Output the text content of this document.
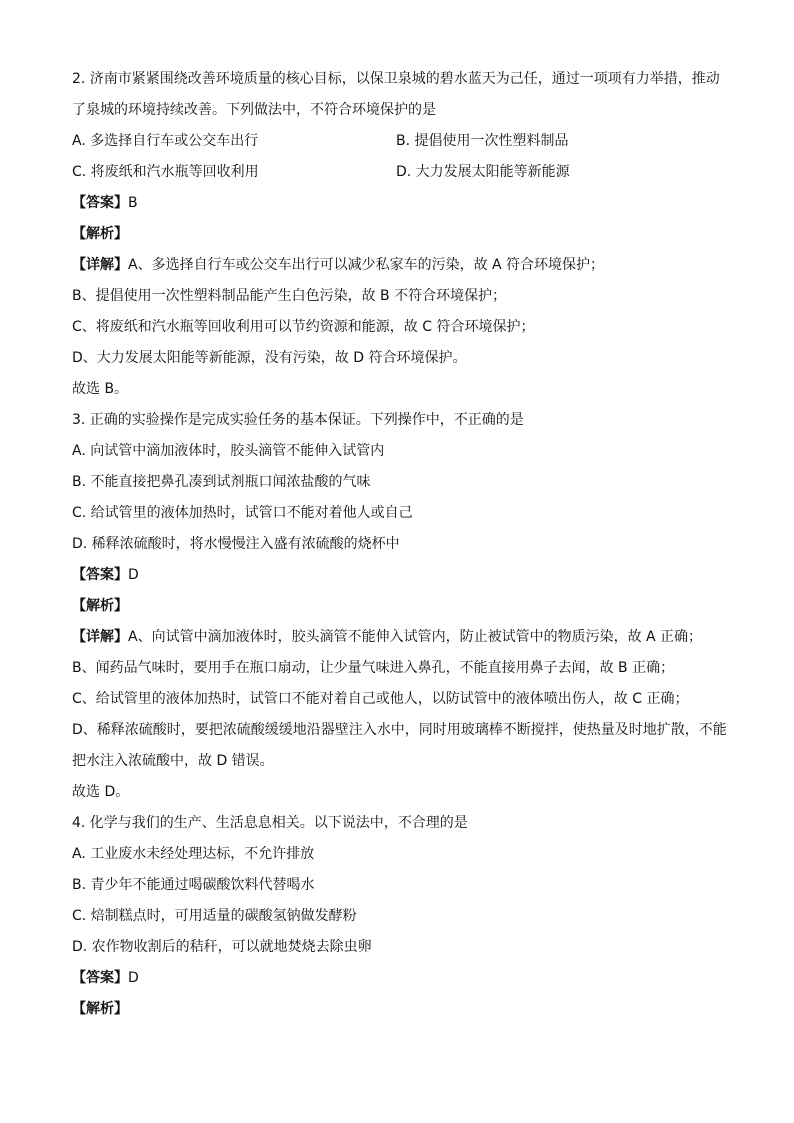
2. 济南市紧紧围绕改善环境质量的核心目标，以保卫泉城的碧水蓝天为己任，通过一项项有力举措，推动
了泉城的环境持续改善。下列做法中，不符合环境保护的是
A. 多选择自行车或公交车出行	B. 提倡使用一次性塑料制品
C. 将废纸和汽水瓶等回收利用	D. 大力发展太阳能等新能源
【答案】B
【解析】
【详解】A、多选择自行车或公交车出行可以减少私家车的污染，故 A 符合环境保护；
B、提倡使用一次性塑料制品能产生白色污染，故 B 不符合环境保护；
C、将废纸和汽水瓶等回收利用可以节约资源和能源，故 C 符合环境保护；
D、大力发展太阳能等新能源，没有污染，故 D 符合环境保护。
故选 B。
3. 正确的实验操作是完成实验任务的基本保证。下列操作中，不正确的是
A. 向试管中滴加液体时，胶头滴管不能伸入试管内
B. 不能直接把鼻孔凑到试剂瓶口闻浓盐酸的气味
C. 给试管里的液体加热时，试管口不能对着他人或自己
D. 稀释浓硫酸时，将水慢慢注入盛有浓硫酸的烧杯中
【答案】D
【解析】
【详解】A、向试管中滴加液体时，胶头滴管不能伸入试管内，防止被试管中的物质污染，故 A 正确；
B、闻药品气味时，要用手在瓶口扇动，让少量气味进入鼻孔，不能直接用鼻子去闻，故 B 正确；
C、给试管里的液体加热时，试管口不能对着自己或他人，以防试管中的液体喷出伤人，故 C 正确；
D、稀释浓硫酸时，要把浓硫酸缓缓地沿器壁注入水中，同时用玻璃棒不断搅拌，使热量及时地扩散，不能
把水注入浓硫酸中，故 D 错误。
故选 D。
4. 化学与我们的生产、生活息息相关。以下说法中，不合理的是
A. 工业废水未经处理达标，不允许排放
B. 青少年不能通过喝碳酸饮料代替喝水
C. 焙制糕点时，可用适量的碳酸氢钠做发酵粉
D. 农作物收割后的秸秆，可以就地焚烧去除虫卵
【答案】D
【解析】
